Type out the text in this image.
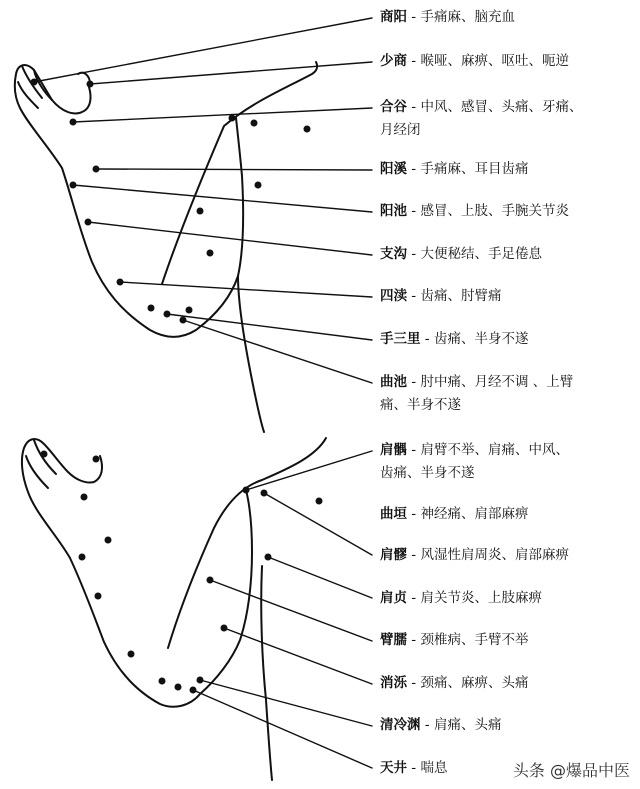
商阳 - 手痛麻、脑充血
少商 - 喉哑、麻痹、呕吐、呃逆
合谷 - 中风、感冒、头痛、牙痛、
月经闭
阳溪 - 手痛麻、耳目齿痛
阳池 - 感冒、上肢、手腕关节炎
支沟 - 大便秘结、手足倦息
四渎 - 齿痛、肘臂痛
手三里 - 齿痛、半身不遂
曲池 - 肘中痛、月经不调 、上臂
痛、半身不遂
肩髃 - 肩臂不举、肩痛、中风、
齿痛、半身不遂
曲垣 - 神经痛、肩部麻痹
肩髎 - 风湿性肩周炎、肩部麻痹
肩贞 - 肩关节炎、上肢麻痹
臂臑 - 颈椎病、手臂不举
消泺 - 颈痛、麻痹、头痛
清冷渊 - 肩痛、头痛
天井 - 喘息	头条 @爆品中医
